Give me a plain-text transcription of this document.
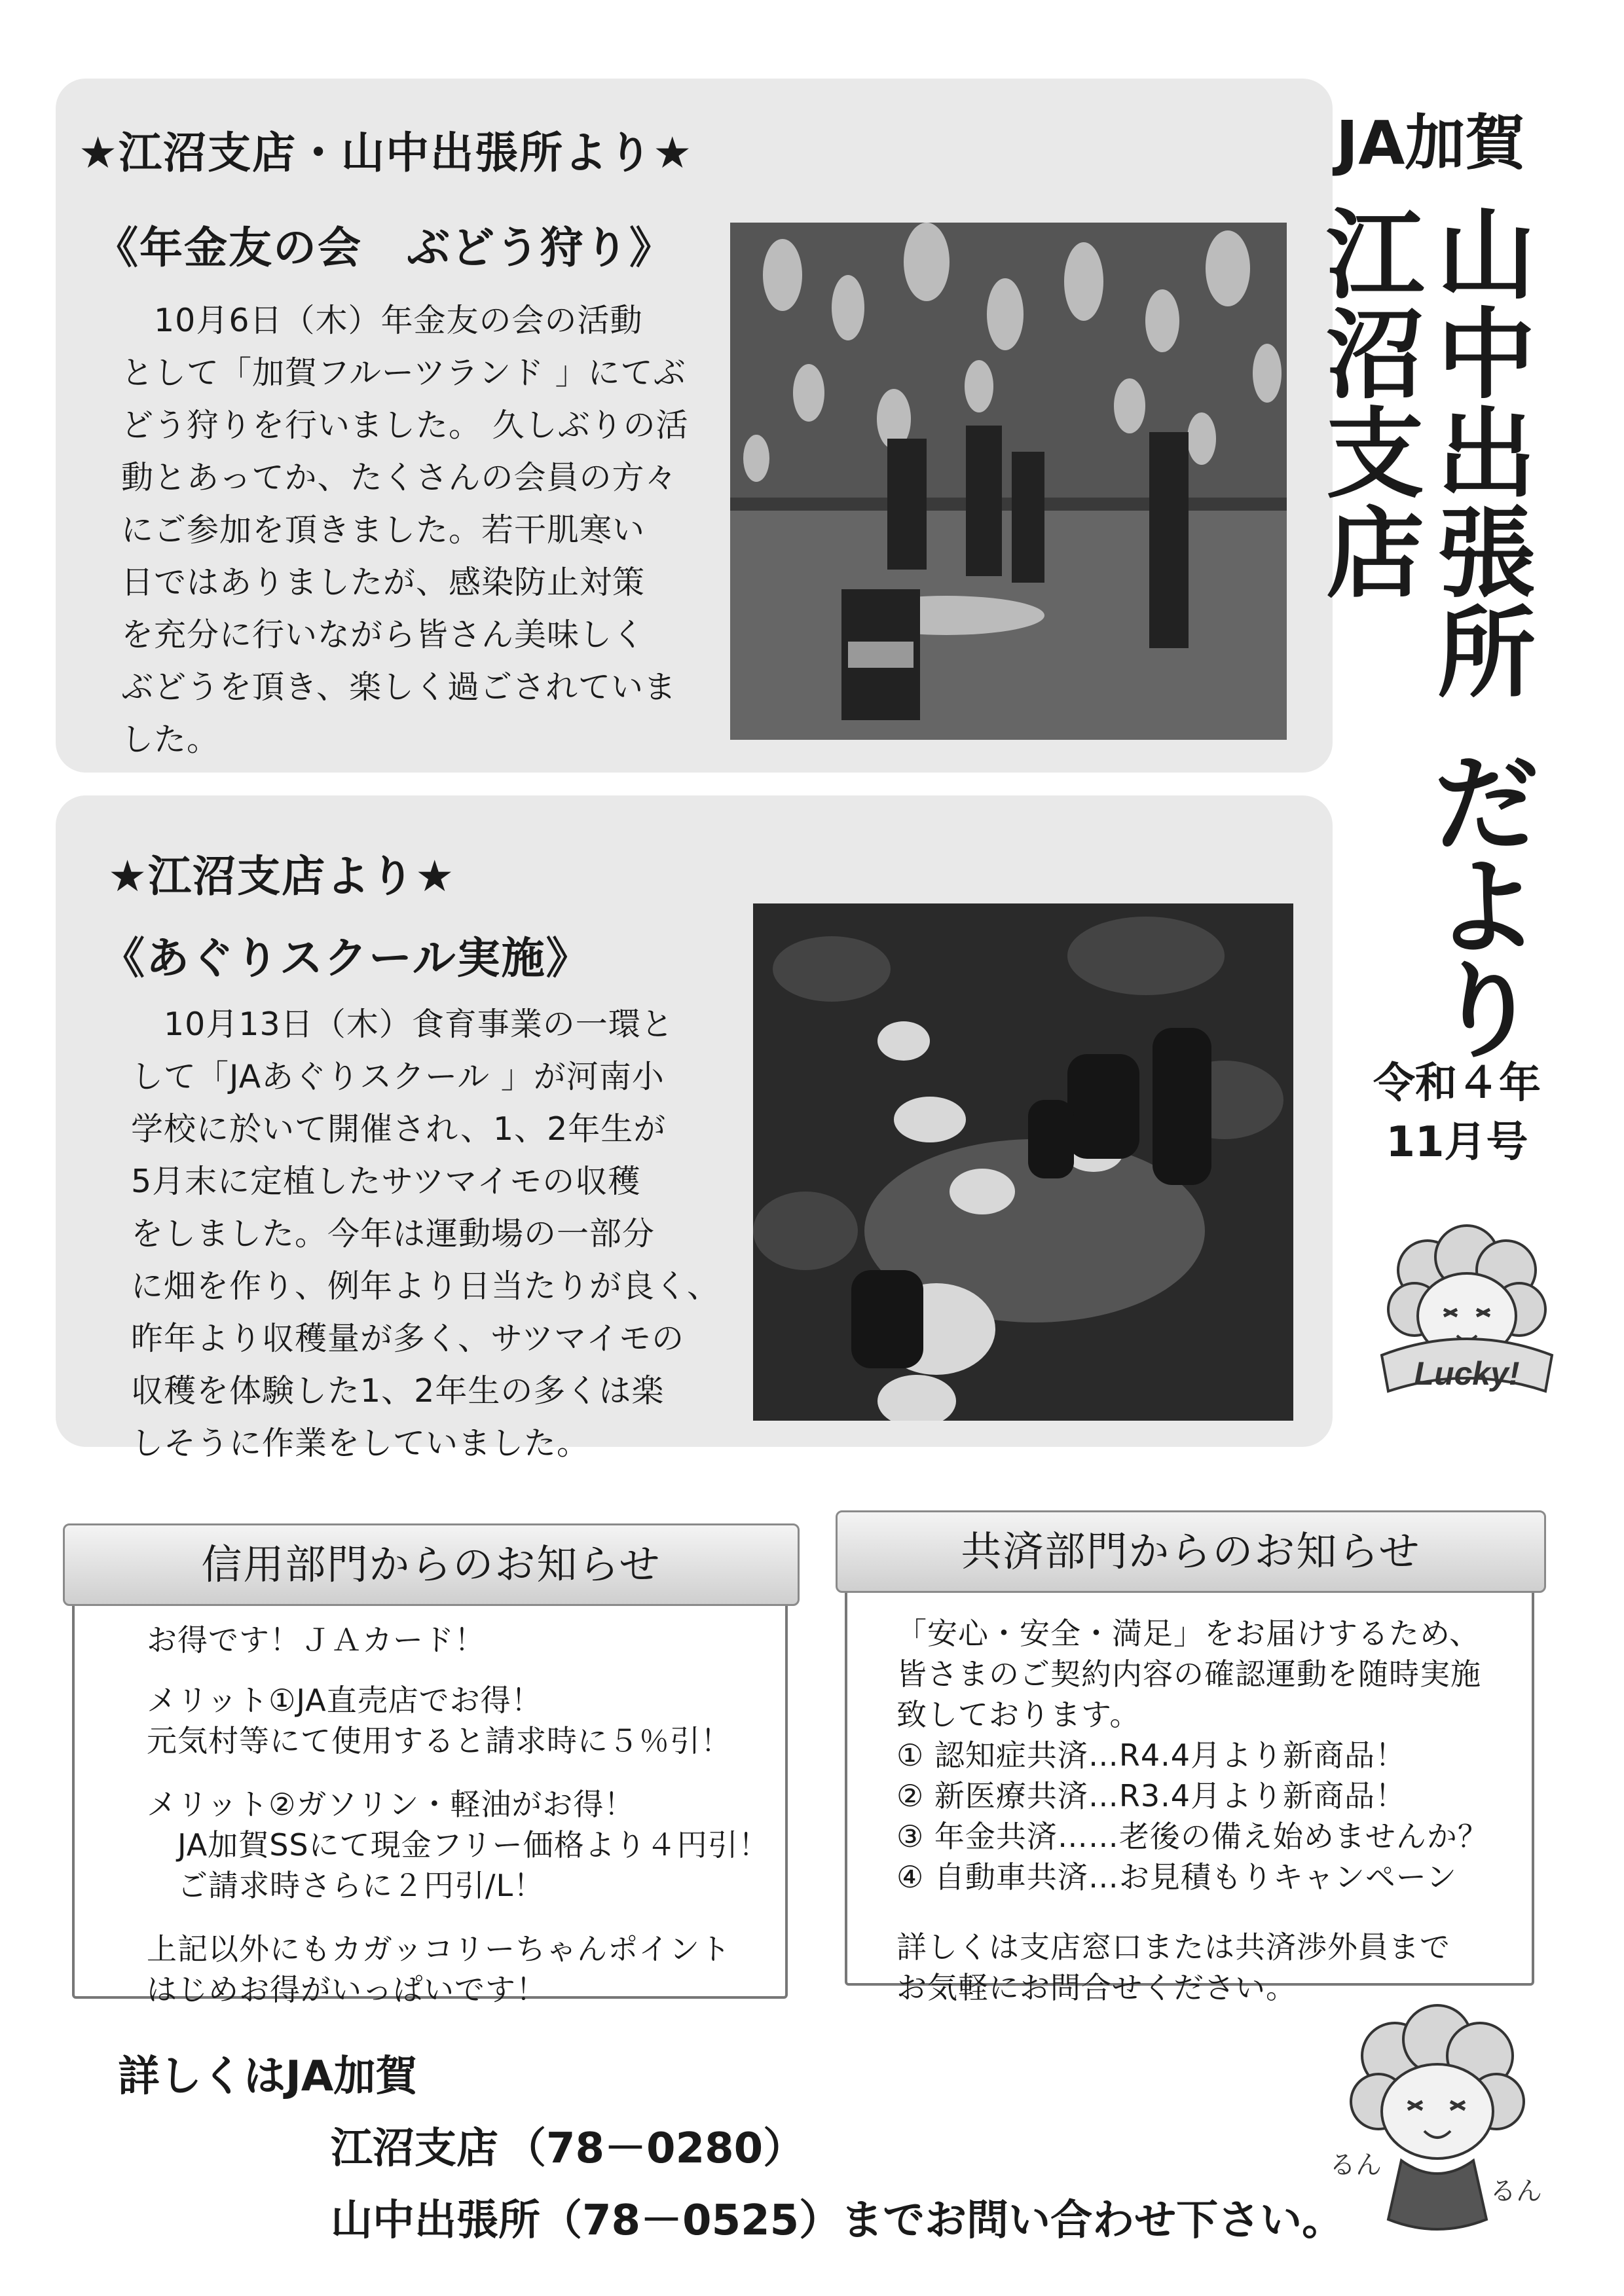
★江沼支店・山中出張所より★
《年金友の会　ぶどう狩り》
　10月6日（木）年金友の会の活動
として「加賀フルーツランド 」にてぶ
どう狩りを行いました。 久しぶりの活
動とあってか、たくさんの会員の方々
にご参加を頂きました。若干肌寒い
日ではありましたが、感染防止対策
を充分に行いながら皆さん美味しく
ぶどうを頂き、楽しく過ごされていま
した。
★江沼支店より★
《あぐりスクール実施》
　10月13日（木）食育事業の一環と
して「JAあぐりスクール 」が河南小
学校に於いて開催され、1、2年生が
5月末に定植したサツマイモの収穫
をしました。今年は運動場の一部分
に畑を作り、例年より日当たりが良く、
昨年より収穫量が多く、サツマイモの
収穫を体験した1、2年生の多くは楽
しそうに作業をしていました。
JA加賀
山
中
出
張
所
江
沼
支
店
だ
よ
り
令和４年
11月号
Lucky!
信用部門からのお知らせ
お得です！ＪＡカード！
メリット①JA直売店でお得！
元気村等にて使用すると請求時に５％引！
メリット②ガソリン・軽油がお得！
　JA加賀SSにて現金フリー価格より４円引！
　ご請求時さらに２円引/L！
上記以外にもカガッコリーちゃんポイント
はじめお得がいっぱいです！
共済部門からのお知らせ
「安心・安全・満足」をお届けするため、
皆さまのご契約内容の確認運動を随時実施
致しております。
① 認知症共済…R4.4月より新商品！
② 新医療共済…R3.4月より新商品！
③ 年金共済……老後の備え始めませんか？
④ 自動車共済…お見積もりキャンペーン
詳しくは支店窓口または共済渉外員まで
お気軽にお問合せください。
詳しくはJA加賀
江沼支店 （78－0280）
山中出張所（78－0525）までお問い合わせ下さい。
るん
るん
